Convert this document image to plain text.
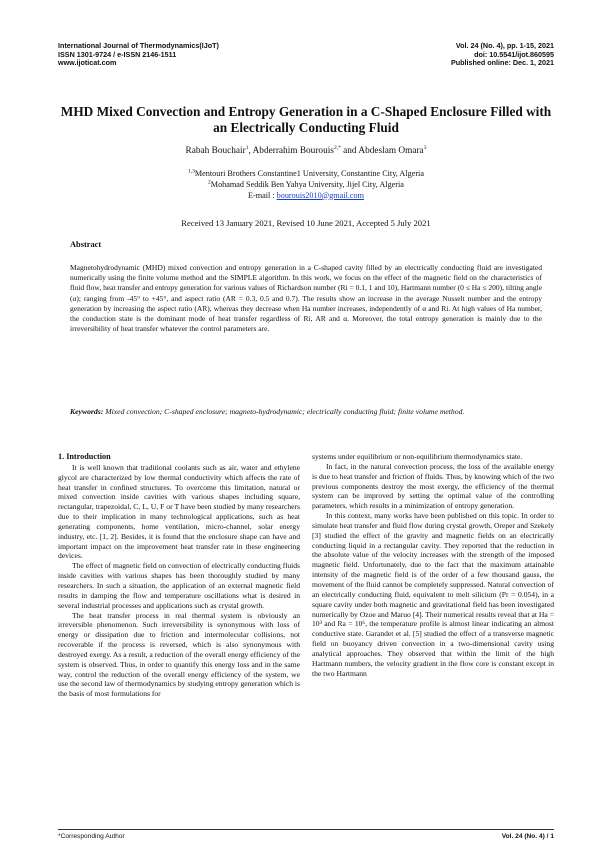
International Journal of Thermodynamics(IJoT)
ISSN 1301-9724 / e-ISSN 2146-1511
www.ijoticat.com
Vol. 24 (No. 4), pp. 1-15, 2021
doi: 10.5541/ijot.860595
Published online: Dec. 1, 2021
MHD Mixed Convection and Entropy Generation in a C-Shaped Enclosure Filled with an Electrically Conducting Fluid
Rabah Bouchair$^1$, Abderrahim Bourouis$^{2,*}$ and Abdeslam Omara$^3$
$^{1,3}$Mentouri Brothers Constantine1 University, Constantine City, Algeria
$^2$Mohamad Seddik Ben Yahya University, Jijel City, Algeria
E-mail : bourouis2010@gmail.com
Received 13 January 2021, Revised 10 June 2021, Accepted 5 July 2021
Abstract
Magnetohydrodynamic (MHD) mixed convection and entropy generation in a C-shaped cavity filled by an electrically conducting fluid are investigated numerically using the finite volume method and the SIMPLE algorithm. In this work, we focus on the effect of the magnetic field on the characteristics of fluid flow, heat transfer and entropy generation for various values of Richardson number (Ri = 0.1, 1 and 10), Hartmann number (0 ≤ Ha ≤ 200), tilting angle (α); ranging from -45° to +45°, and aspect ratio (AR = 0.3, 0.5 and 0.7). The results show an increase in the average Nusselt number and the entropy generation by increasing the aspect ratio (AR), whereas they decrease when Ha number increases, independently of α and Ri. At high values of Ha number, the conduction state is the dominant mode of heat transfer regardless of Ri, AR and α. Moreover, the total entropy generation is mainly due to the irreversibility of heat transfer whatever the control parameters are.
Keywords: Mixed convection; C-shaped enclosure; magneto-hydrodynamic; electrically conducting fluid; finite volume method.

1. Introduction

It is well known that traditional coolants such as air, water and ethylene glycol are characterized by low thermal conductivity which affects the rate of heat transfer in confined structures. To overcome this limitation, natural or mixed convection inside cavities with various shapes including square, rectangular, trapezoidal, C, L, U, F or T have been studied by many researchers due to their implication in many technological applications, such as heat generating components, home ventilation, micro-channel, solar energy industry, etc. [1, 2]. Besides, it is found that the enclosure shape can have and important impact on the improvement heat transfer rate in these engineering devices.

The effect of magnetic field on convection of electrically conducting fluids inside cavities with various shapes has been thoroughly studied by many researchers. In such a situation, the application of an external magnetic field results in damping the flow and temperature oscillations what is desired in several industrial processes and applications such as crystal growth.

The heat transfer process in real thermal system is obviously an irreversible phenomenon. Such irreversibility is synonymous with loss of energy or dissipation due to friction and intermolecular collisions, not recoverable if the process is reversed, which is also synonymous with destroyed exergy. As a result, a reduction of the overall energy efficiency of the system is observed. Thus, in order to quantify this energy loss and in the same way, control the reduction of the overall energy efficiency of the system, we use the second law of thermodynamics by studying entropy generation which is the basis of most formulations for

systems under equilibrium or non-equilibrium thermodynamics state.

In fact, in the natural convection process, the loss of the available energy is due to heat transfer and friction of fluids. Thus, by knowing which of the two previous components destroy the most exergy, the efficiency of the thermal system can be improved by setting the optimal value of the controlling parameters, which results in a minimization of entropy generation.

In this context, many works have been published on this topic. In order to simulate heat transfer and fluid flow during crystal growth, Oreper and Szekely [3] studied the effect of the gravity and magnetic fields on an electrically conducting liquid in a rectangular cavity. They reported that the reduction in the absolute value of the velocity increases with the strength of the imposed magnetic field. Unfortunately, due to the fact that the maximum attainable intensity of the magnetic field is of the order of a few thousand gauss, the movement of the fluid cannot be completely suppressed. Natural convection of an electrically conducting fluid, equivalent to melt silicium (Pr = 0.054), in a square cavity under both magnetic and gravitational field has been investigated numerically by Ozoe and Maruo [4]. Their numerical results reveal that at Ha = 10³ and Ra = 10⁶, the temperature profile is almost linear indicating an almost conductive state. Garandet et al. [5] studied the effect of a transverse magnetic field on buoyancy driven convection in a two-dimensional cavity using analytical approaches. They observed that within the limit of the high Hartmann numbers, the velocity gradient in the flow core is constant except in the two Hartmann

*Corresponding Author	Vol. 24 (No. 4) / 1
